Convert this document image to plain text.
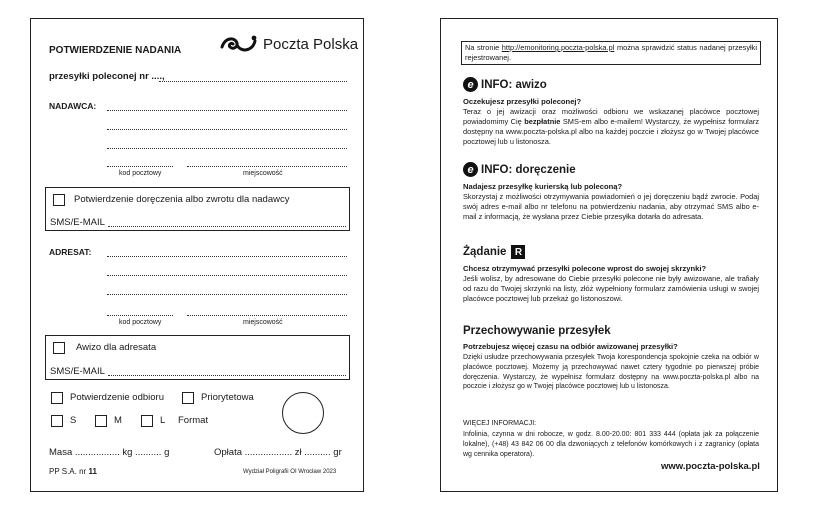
POTWIERDZENIE NADANIA	Poczta Polska
przesyłki poleconej nr ....,
NADAWCA:
kod pocztowy	miejscowość
Potwierdzenie doręczenia albo zwrotu dla nadawcy
SMS/E-MAIL
ADRESAT:
kod pocztowy	miejscowość
Awizo dla adresata
SMS/E-MAIL
Potwierdzenie odbioru	Priorytetowa
S	M	L Format
Masa ................. kg .......... g	Opłata .................. zł .......... gr
PP S.A. nr 11	Wydział Poligrafii OI Wrocław 2023
Na stronie http://emonitoring.poczta-polska.pl można sprawdzić status nadanej przesyłki rejestrowanej.
e INFO:
awizo
Oczekujesz przesyłki poleconej?
Teraz o jej awizacji oraz możliwości odbioru we wskazanej placówce pocztowej powiadomimy Cię bezpłatnie SMS-em albo e-mailem! Wystarczy, że wypełnisz formularz dostępny na www.poczta-polska.pl albo na każdej poczcie i złożysz go w Twojej placówce pocztowej lub u listonosza.
e INFO:
doręczenie
Nadajesz przesyłkę kurierską lub poleconą?
Skorzystaj z możliwości otrzymywania powiadomień o jej doręczeniu bądź zwrocie. Podaj swój adres e-mail albo nr telefonu na potwierdzeniu nadania, aby otrzymać SMS albo e-mail z informacją, że wysłana przez Ciebie przesyłka dotarła do adresata.
Żądanie R
Chcesz otrzymywać przesyłki polecone wprost do swojej skrzynki?
Jeśli wolisz, by adresowane do Ciebie przesyłki polecone nie były awizowane, ale trafiały od razu do Twojej skrzynki na listy, złóż wypełniony formularz zamówienia usługi w swojej placówce pocztowej lub przekaż go listonoszowi.
Przechowywanie przesyłek
Potrzebujesz więcej czasu na odbiór awizowanej przesyłki?
Dzięki usłudze przechowywania przesyłek Twoja korespondencja spokojnie czeka na odbiór w placówce pocztowej. Możemy ją przechowywać nawet cztery tygodnie po pierwszej próbie doręczenia. Wystarczy, że wypełnisz formularz dostępny na www.poczta-polska.pl albo na poczcie i złożysz go w Twojej placówce pocztowej lub u listonosza.
WIĘCEJ INFORMACJI:
Infolinia, czynna w dni robocze, w godz. 8.00-20.00: 801 333 444 (opłata jak za połączenie lokalne), (+48) 43 842 06 00 dla dzwoniących z telefonów komórkowych i z zagranicy (opłata wg cennika operatora).
www.poczta-polska.pl
